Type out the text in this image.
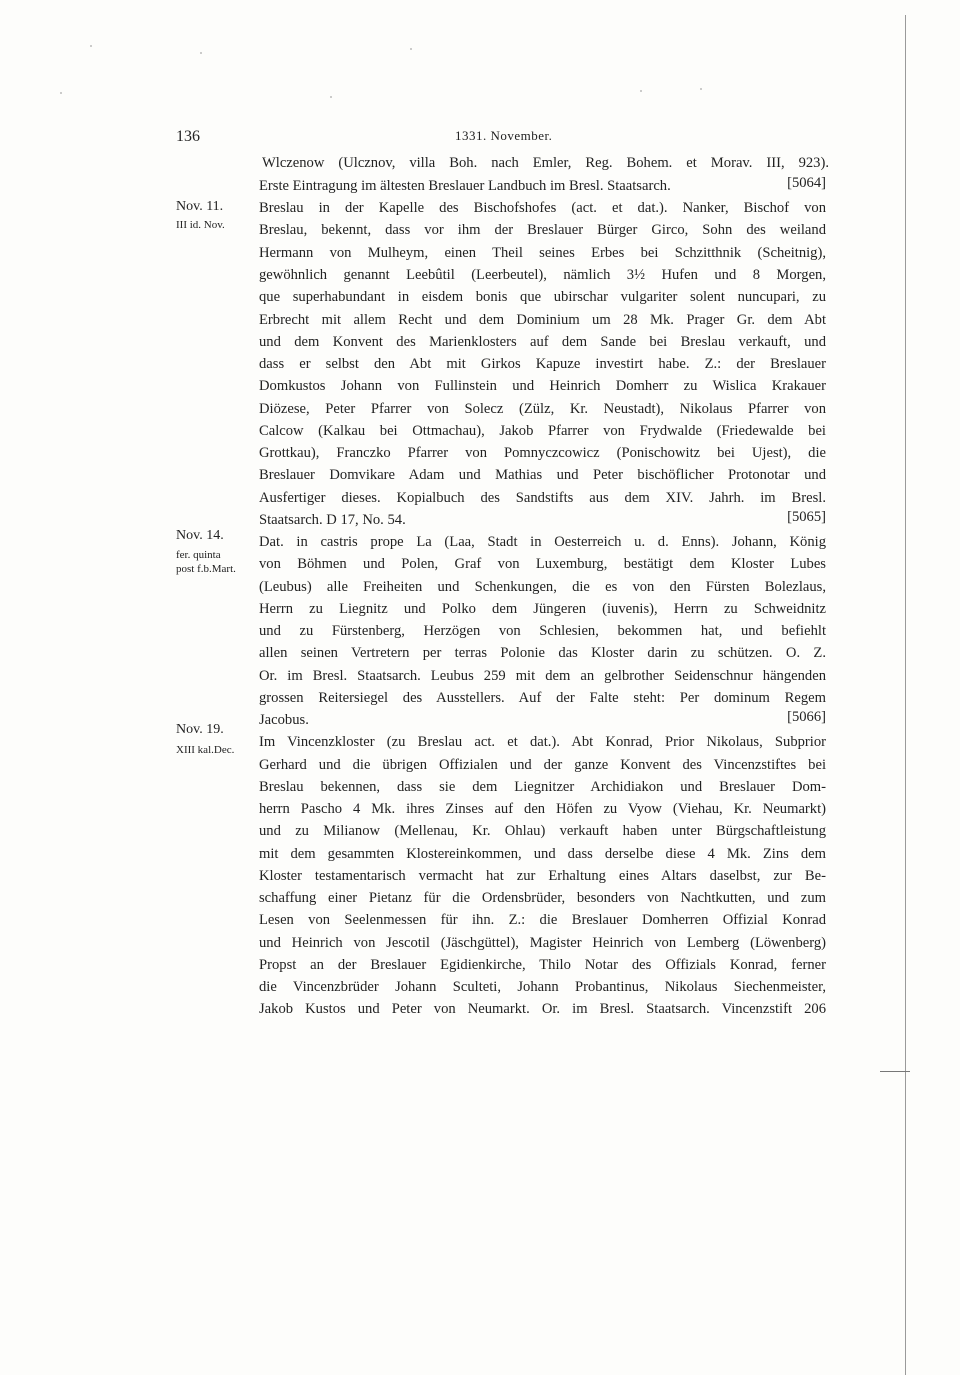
136	1331. November.
Nov. 11.
III id. Nov.
Nov. 14.
fer. quinta
post f.b.Mart.
Nov. 19.
XIII kal.Dec.
Wlczenow (Ulcznov, villa Boh. nach Emler, Reg. Bohem. et Morav. III, 923).
Erste Eintragung im ältesten Breslauer Landbuch im Bresl. Staatsarch.
Breslau in der Kapelle des Bischofshofes (act. et dat.). Nanker, Bischof von
Breslau, bekennt, dass vor ihm der Breslauer Bürger Girco, Sohn des weiland
Hermann von Mulheym, einen Theil seines Erbes bei Schzitthnik (Scheitnig),
gewöhnlich genannt Leebûtil (Leerbeutel), nämlich 3½ Hufen und 8 Morgen,
que superhabundant in eisdem bonis que ubirschar vulgariter solent nuncupari, zu
Erbrecht mit allem Recht und dem Dominium um 28 Mk. Prager Gr. dem Abt
und dem Konvent des Marienklosters auf dem Sande bei Breslau verkauft, und
dass er selbst den Abt mit Girkos Kapuze investirt habe. Z.: der Breslauer
Domkustos Johann von Fullinstein und Heinrich Domherr zu Wislica Krakauer
Diözese, Peter Pfarrer von Solecz (Zülz, Kr. Neustadt), Nikolaus Pfarrer von
Calcow (Kalkau bei Ottmachau), Jakob Pfarrer von Frydwalde (Friedewalde bei
Grottkau), Franczko Pfarrer von Pomnyczcowicz (Ponischowitz bei Ujest), die
Breslauer Domvikare Adam und Mathias und Peter bischöflicher Protonotar und
Ausfertiger dieses. Kopialbuch des Sandstifts aus dem XIV. Jahrh. im Bresl.
Staatsarch. D 17, No. 54.
Dat. in castris prope La (Laa, Stadt in Oesterreich u. d. Enns). Johann, König
von Böhmen und Polen, Graf von Luxemburg, bestätigt dem Kloster Lubes
(Leubus) alle Freiheiten und Schenkungen, die es von den Fürsten Bolezlaus,
Herrn zu Liegnitz und Polko dem Jüngeren (iuvenis), Herrn zu Schweidnitz
und zu Fürstenberg, Herzögen von Schlesien, bekommen hat, und befiehlt
allen seinen Vertretern per terras Polonie das Kloster darin zu schützen. O. Z.
Or. im Bresl. Staatsarch. Leubus 259 mit dem an gelbrother Seidenschnur hängenden
grossen Reitersiegel des Ausstellers. Auf der Falte steht: Per dominum Regem
Jacobus.
Im Vincenzkloster (zu Breslau act. et dat.). Abt Konrad, Prior Nikolaus, Subprior
Gerhard und die übrigen Offizialen und der ganze Konvent des Vincenzstiftes bei
Breslau bekennen, dass sie dem Liegnitzer Archidiakon und Breslauer Dom-
herrn Pascho 4 Mk. ihres Zinses auf den Höfen zu Vyow (Viehau, Kr. Neumarkt)
und zu Milianow (Mellenau, Kr. Ohlau) verkauft haben unter Bürgschaftleistung
mit dem gesammten Klostereinkommen, und dass derselbe diese 4 Mk. Zins dem
Kloster testamentarisch vermacht hat zur Erhaltung eines Altars daselbst, zur Be-
schaffung einer Pietanz für die Ordensbrüder, besonders von Nachtkutten, und zum
Lesen von Seelenmessen für ihn. Z.: die Breslauer Domherren Offizial Konrad
und Heinrich von Jescotil (Jäschgüttel), Magister Heinrich von Lemberg (Löwenberg)
Propst an der Breslauer Egidienkirche, Thilo Notar des Offizials Konrad, ferner
die Vincenzbrüder Johann Sculteti, Johann Probantinus, Nikolaus Siechenmeister,
Jakob Kustos und Peter von Neumarkt. Or. im Bresl. Staatsarch. Vincenzstift 206
[5064]
[5065]
[5066]
